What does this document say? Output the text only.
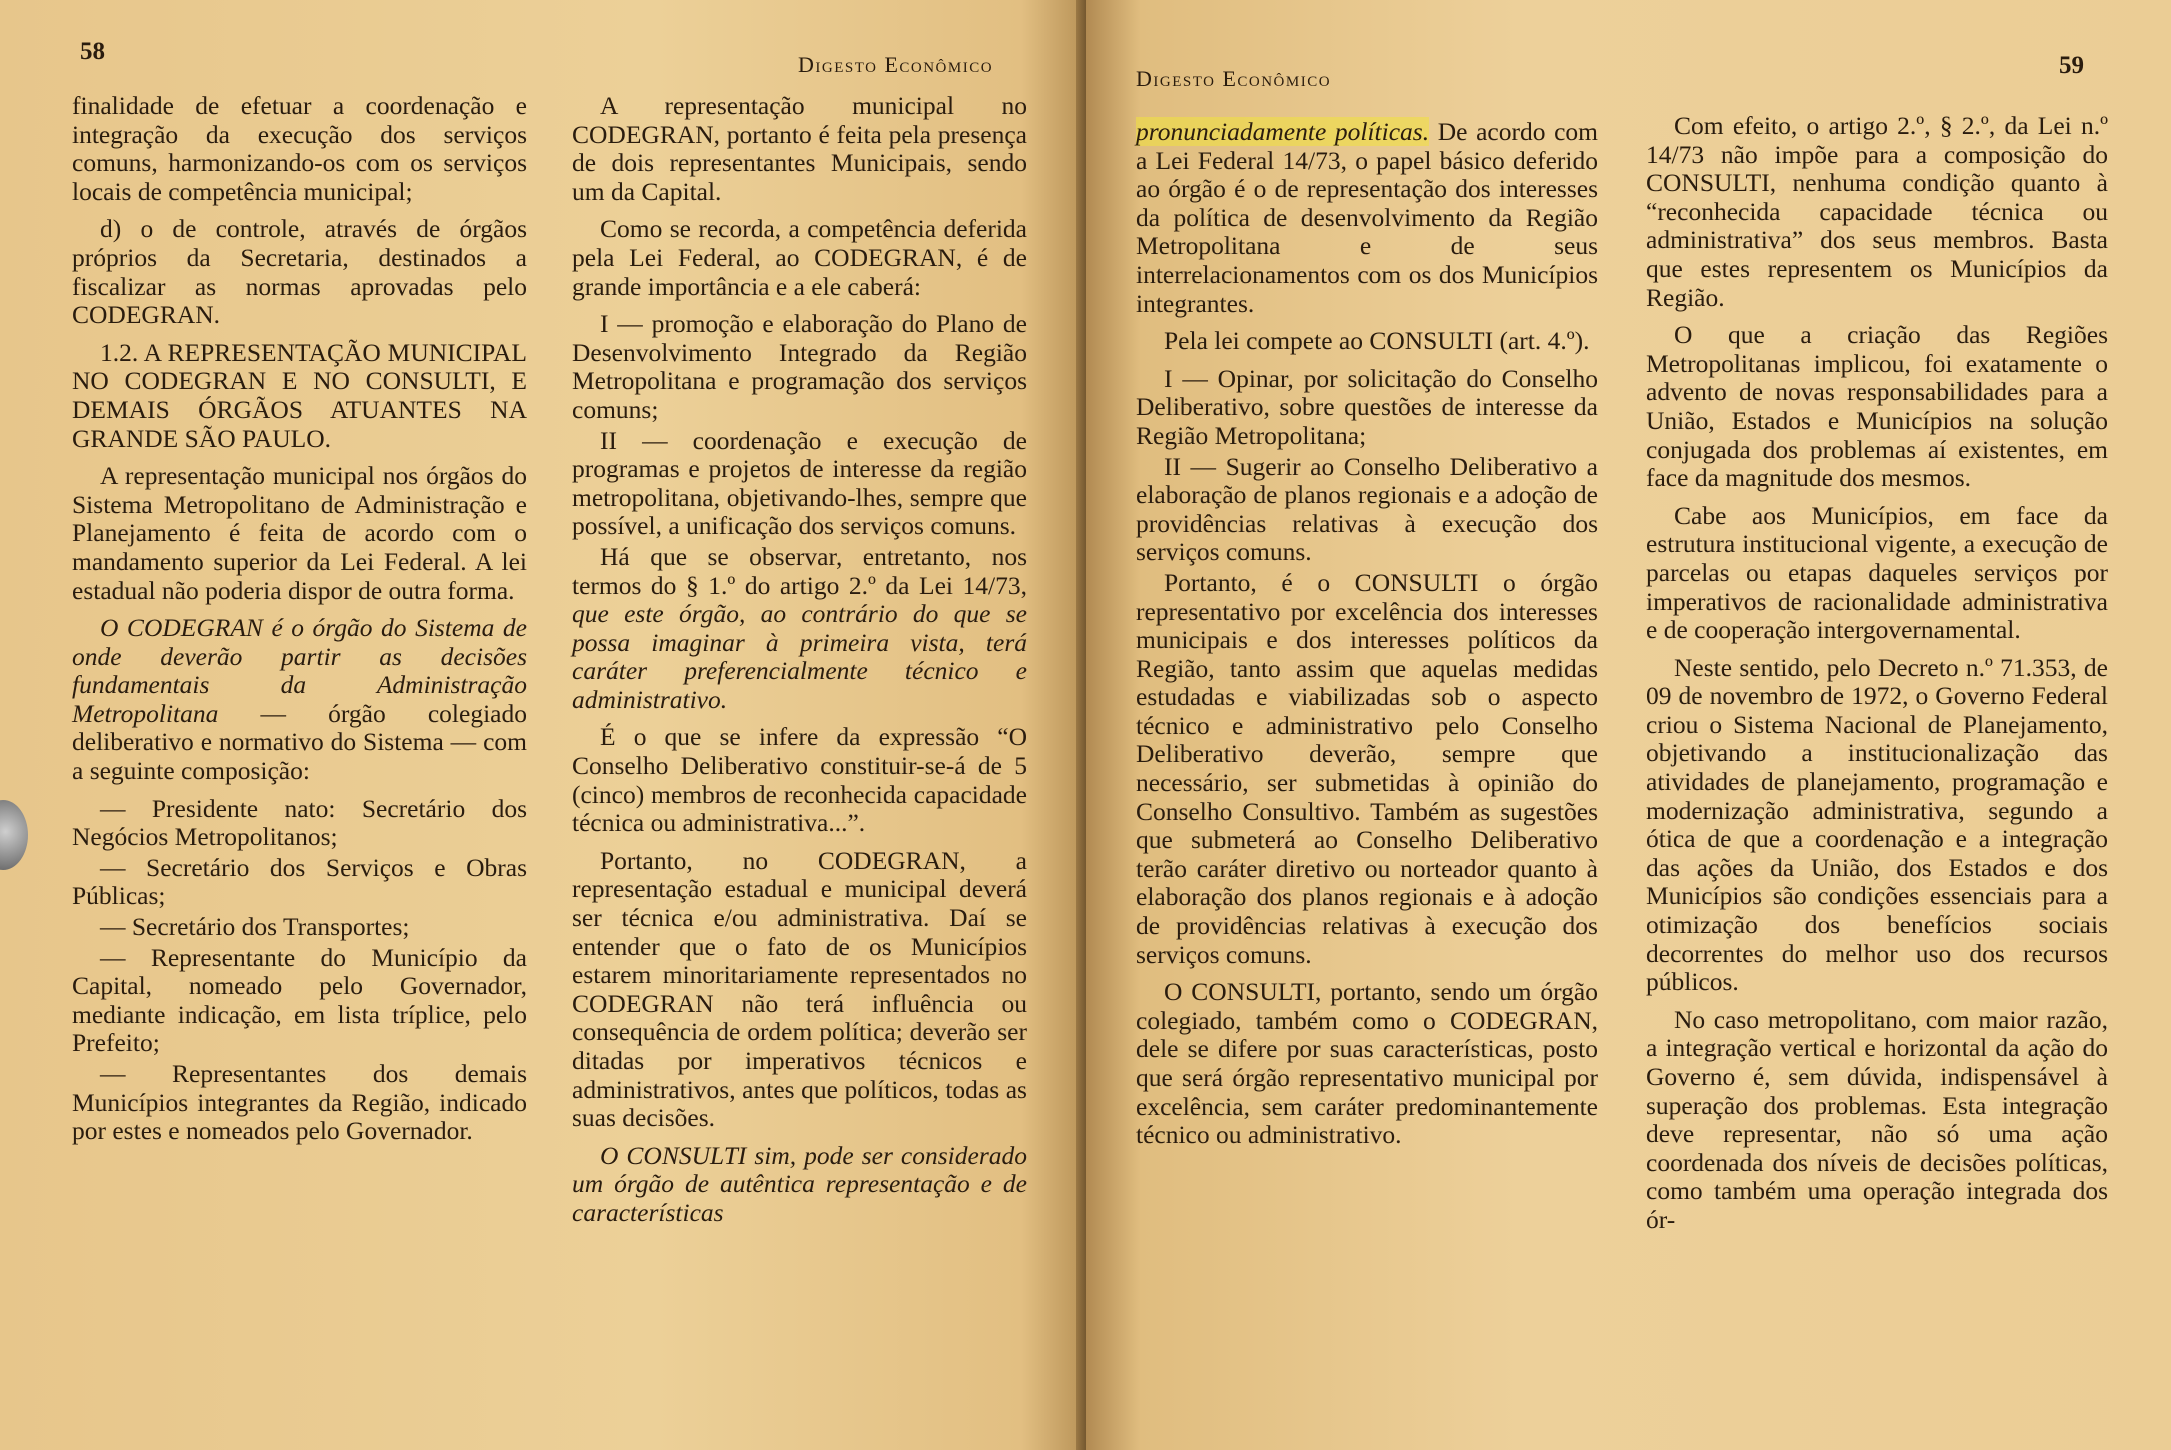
58	Digesto Econômico

finalidade de efetuar a coordenação e integração da execução dos serviços comuns, harmonizando-os com os serviços locais de competência municipal;

d) o de controle, através de órgãos próprios da Secretaria, destinados a fiscalizar as normas aprovadas pelo CODEGRAN.

1.2. A REPRESENTAÇÃO MUNICIPAL NO CODEGRAN E NO CONSULTI, E DEMAIS ÓRGÃOS ATUANTES NA GRANDE SÃO PAULO.

A representação municipal nos órgãos do Sistema Metropolitano de Administração e Planejamento é feita de acordo com o mandamento superior da Lei Federal. A lei estadual não poderia dispor de outra forma.

O CODEGRAN é o órgão do Sistema de onde deverão partir as decisões fundamentais da Administração Metropolitana — órgão colegiado deliberativo e normativo do Sistema — com a seguinte composição:

— Presidente nato: Secretário dos Negócios Metropolitanos;

— Secretário dos Serviços e Obras Públicas;

— Secretário dos Transportes;

— Representante do Município da Capital, nomeado pelo Governador, mediante indicação, em lista tríplice, pelo Prefeito;

— Representantes dos demais Municípios integrantes da Região, indicado por estes e nomeados pelo Governador.

A representação municipal no CODEGRAN, portanto é feita pela presença de dois representantes Municipais, sendo um da Capital.

Como se recorda, a competência deferida pela Lei Federal, ao CODEGRAN, é de grande importância e a ele caberá:

I — promoção e elaboração do Plano de Desenvolvimento Integrado da Região Metropolitana e programação dos serviços comuns;

II — coordenação e execução de programas e projetos de interesse da região metropolitana, objetivando-lhes, sempre que possível, a unificação dos serviços comuns.

Há que se observar, entretanto, nos termos do § 1.º do artigo 2.º da Lei 14/73, que este órgão, ao contrário do que se possa imaginar à primeira vista, terá caráter preferencialmente técnico e administrativo.

É o que se infere da expressão “O Conselho Deliberativo constituir-se-á de 5 (cinco) membros de reconhecida capacidade técnica ou administrativa...”.

Portanto, no CODEGRAN, a representação estadual e municipal deverá ser técnica e/ou administrativa. Daí se entender que o fato de os Municípios estarem minoritariamente representados no CODEGRAN não terá influência ou consequência de ordem política; deverão ser ditadas por imperativos técnicos e administrativos, antes que políticos, todas as suas decisões.

O CONSULTI sim, pode ser considerado um órgão de autêntica representação e de características

Digesto Econômico	59

pronunciadamente políticas. De acordo com a Lei Federal 14/73, o papel básico deferido ao órgão é o de representação dos interesses da política de desenvolvimento da Região Metropolitana e de seus interrelacionamentos com os dos Municípios integrantes.

Pela lei compete ao CONSULTI (art. 4.º).

I — Opinar, por solicitação do Conselho Deliberativo, sobre questões de interesse da Região Metropolitana;

II — Sugerir ao Conselho Deliberativo a elaboração de planos regionais e a adoção de providências relativas à execução dos serviços comuns.

Portanto, é o CONSULTI o órgão representativo por excelência dos interesses municipais e dos interesses políticos da Região, tanto assim que aquelas medidas estudadas e viabilizadas sob o aspecto técnico e administrativo pelo Conselho Deliberativo deverão, sempre que necessário, ser submetidas à opinião do Conselho Consultivo. Também as sugestões que submeterá ao Conselho Deliberativo terão caráter diretivo ou norteador quanto à elaboração dos planos regionais e à adoção de providências relativas à execução dos serviços comuns.

O CONSULTI, portanto, sendo um órgão colegiado, também como o CODEGRAN, dele se difere por suas características, posto que será órgão representativo municipal por excelência, sem caráter predominantemente técnico ou administrativo.

Com efeito, o artigo 2.º, § 2.º, da Lei n.º 14/73 não impõe para a composição do CONSULTI, nenhuma condição quanto à “reconhecida capacidade técnica ou administrativa” dos seus membros. Basta que estes representem os Municípios da Região.

O que a criação das Regiões Metropolitanas implicou, foi exatamente o advento de novas responsabilidades para a União, Estados e Municípios na solução conjugada dos problemas aí existentes, em face da magnitude dos mesmos.

Cabe aos Municípios, em face da estrutura institucional vigente, a execução de parcelas ou etapas daqueles serviços por imperativos de racionalidade administrativa e de cooperação intergovernamental.

Neste sentido, pelo Decreto n.º 71.353, de 09 de novembro de 1972, o Governo Federal criou o Sistema Nacional de Planejamento, objetivando a institucionalização das atividades de planejamento, programação e modernização administrativa, segundo a ótica de que a coordenação e a integração das ações da União, dos Estados e dos Municípios são condições essenciais para a otimização dos benefícios sociais decorrentes do melhor uso dos recursos públicos.

No caso metropolitano, com maior razão, a integração vertical e horizontal da ação do Governo é, sem dúvida, indispensável à superação dos problemas. Esta integração deve representar, não só uma ação coordenada dos níveis de decisões políticas, como também uma operação integrada dos ór-
